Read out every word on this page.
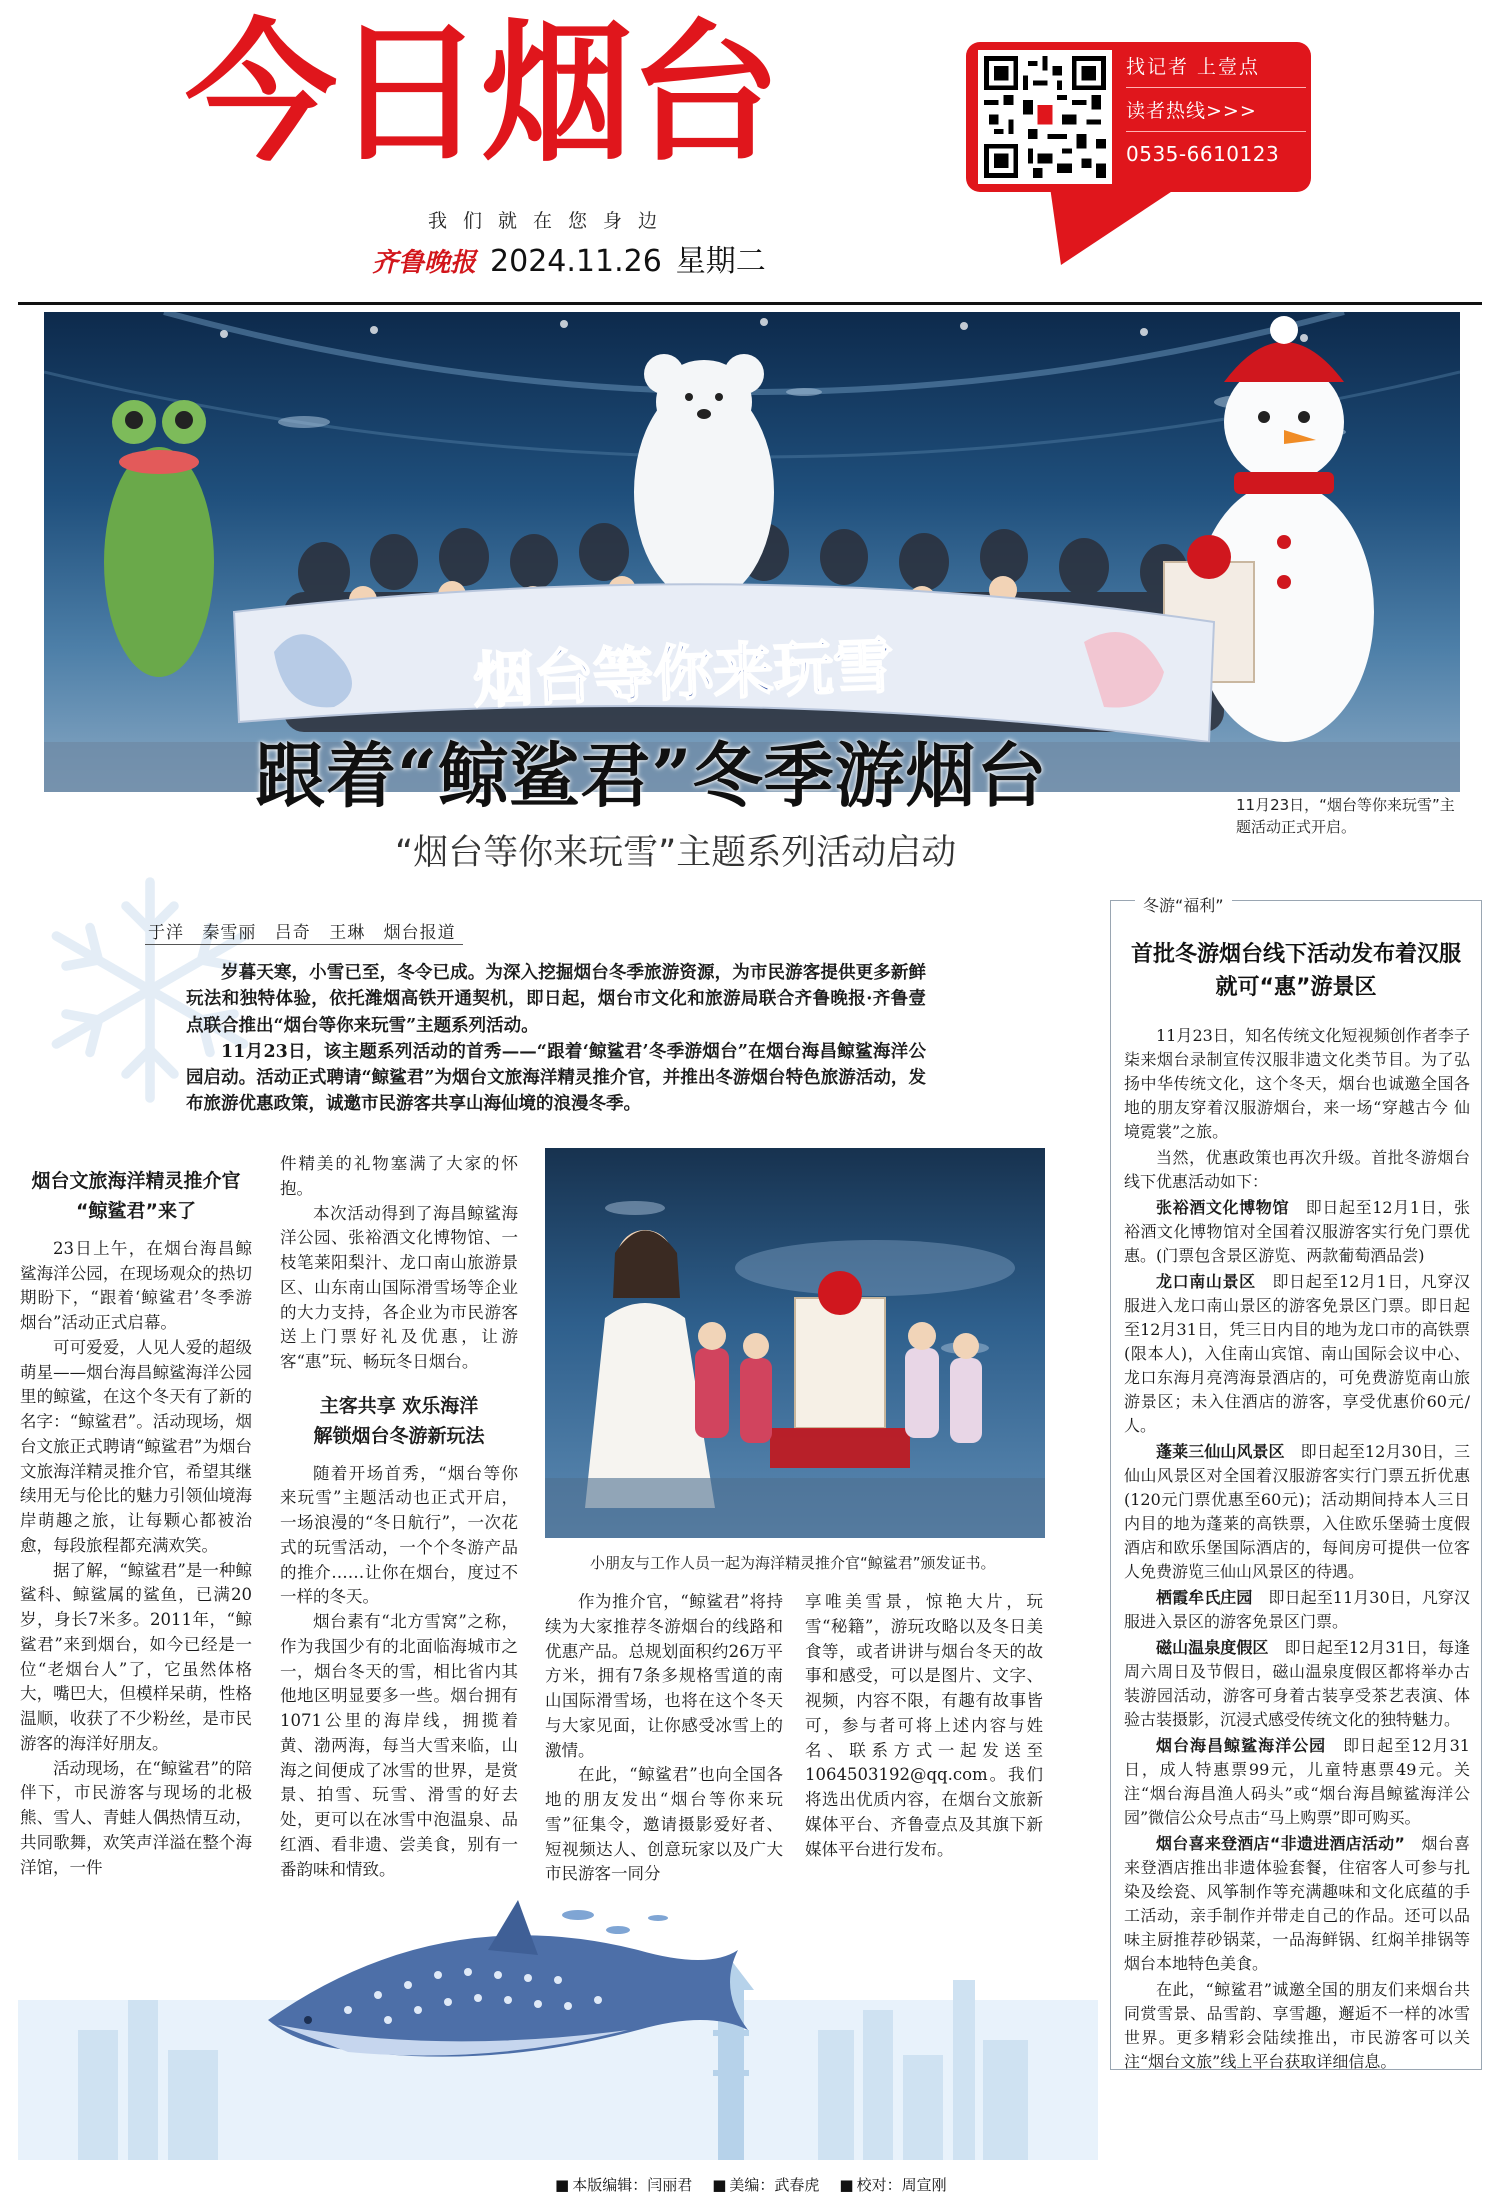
今日烟台
我们就在您身边
齐鲁晚报 2024.11.26 星期二
找记者 上壹点
读者热线>>>
0535-6610123
烟台等你来玩雪
跟着“鲸鲨君”冬季游烟台
“烟台等你来玩雪”主题系列活动启动
11月23日，“烟台等你来玩雪”主题活动正式开启。
于洋 秦雪丽 吕奇 王琳 烟台报道

岁暮天寒，小雪已至，冬令已成。为深入挖掘烟台冬季旅游资源，为市民游客提供更多新鲜玩法和独特体验，依托潍烟高铁开通契机，即日起，烟台市文化和旅游局联合齐鲁晚报·齐鲁壹点联合推出“烟台等你来玩雪”主题系列活动。

11月23日，该主题系列活动的首秀——“跟着‘鲸鲨君’冬季游烟台”在烟台海昌鲸鲨海洋公园启动。活动正式聘请“鲸鲨君”为烟台文旅海洋精灵推介官，并推出冬游烟台特色旅游活动，发布旅游优惠政策，诚邀市民游客共享山海仙境的浪漫冬季。

烟台文旅海洋精灵推介官
“鲸鲨君”来了

23日上午，在烟台海昌鲸鲨海洋公园，在现场观众的热切期盼下，“跟着‘鲸鲨君’冬季游烟台”活动正式启幕。

可可爱爱，人见人爱的超级萌星——烟台海昌鲸鲨海洋公园里的鲸鲨，在这个冬天有了新的名字：“鲸鲨君”。活动现场，烟台文旅正式聘请“鲸鲨君”为烟台文旅海洋精灵推介官，希望其继续用无与伦比的魅力引领仙境海岸萌趣之旅，让每颗心都被治愈，每段旅程都充满欢笑。

据了解，“鲸鲨君”是一种鲸鲨科、鲸鲨属的鲨鱼，已满20岁，身长7米多。2011年，“鲸鲨君”来到烟台，如今已经是一位“老烟台人”了，它虽然体格大，嘴巴大，但模样呆萌，性格温顺，收获了不少粉丝，是市民游客的海洋好朋友。

活动现场，在“鲸鲨君”的陪伴下，市民游客与现场的北极熊、雪人、青蛙人偶热情互动，共同歌舞，欢笑声洋溢在整个海洋馆，一件

件精美的礼物塞满了大家的怀抱。

本次活动得到了海昌鲸鲨海洋公园、张裕酒文化博物馆、一枝笔莱阳梨汁、龙口南山旅游景区、山东南山国际滑雪场等企业的大力支持，各企业为市民游客送上门票好礼及优惠，让游客“惠”玩、畅玩冬日烟台。

主客共享 欢乐海洋
解锁烟台冬游新玩法

随着开场首秀，“烟台等你来玩雪”主题活动也正式开启，一场浪漫的“冬日航行”，一次花式的玩雪活动，一个个冬游产品的推介……让你在烟台，度过不一样的冬天。

烟台素有“北方雪窝”之称，作为我国少有的北面临海城市之一，烟台冬天的雪，相比省内其他地区明显要多一些。烟台拥有1071公里的海岸线，拥揽着黄、渤两海，每当大雪来临，山海之间便成了冰雪的世界，是赏景、拍雪、玩雪、滑雪的好去处，更可以在冰雪中泡温泉、品红酒、看非遗、尝美食，别有一番韵味和情致。

小朋友与工作人员一起为海洋精灵推介官“鲸鲨君”颁发证书。

作为推介官，“鲸鲨君”将持续为大家推荐冬游烟台的线路和优惠产品。总规划面积约26万平方米，拥有7条多规格雪道的南山国际滑雪场，也将在这个冬天与大家见面，让你感受冰雪上的激情。

在此，“鲸鲨君”也向全国各地的朋友发出“烟台等你来玩雪”征集令，邀请摄影爱好者、短视频达人、创意玩家以及广大市民游客一同分

享唯美雪景，惊艳大片，玩雪“秘籍”，游玩攻略以及冬日美食等，或者讲讲与烟台冬天的故事和感受，可以是图片、文字、视频，内容不限，有趣有故事皆可，参与者可将上述内容与姓名、联系方式一起发送至1064503192@qq.com。我们将选出优质内容，在烟台文旅新媒体平台、齐鲁壹点及其旗下新媒体平台进行发布。

冬游“福利”
首批冬游烟台线下活动发布着汉服就可“惠”游景区

11月23日，知名传统文化短视频创作者李子柒来烟台录制宣传汉服非遗文化类节目。为了弘扬中华传统文化，这个冬天，烟台也诚邀全国各地的朋友穿着汉服游烟台，来一场“穿越古今 仙境霓裳”之旅。

当然，优惠政策也再次升级。首批冬游烟台线下优惠活动如下：

张裕酒文化博物馆　 即日起至12月1日，张裕酒文化博物馆对全国着汉服游客实行免门票优惠。(门票包含景区游览、两款葡萄酒品尝)

龙口南山景区　 即日起至12月1日，凡穿汉服进入龙口南山景区的游客免景区门票。即日起至12月31日，凭三日内目的地为龙口市的高铁票(限本人)，入住南山宾馆、南山国际会议中心、龙口东海月亮湾海景酒店的，可免费游览南山旅游景区；未入住酒店的游客，享受优惠价60元/人。

蓬莱三仙山风景区　 即日起至12月30日，三仙山风景区对全国着汉服游客实行门票五折优惠(120元门票优惠至60元)；活动期间持本人三日内目的地为蓬莱的高铁票，入住欧乐堡骑士度假酒店和欧乐堡国际酒店的，每间房可提供一位客人免费游览三仙山风景区的待遇。

栖霞牟氏庄园　 即日起至11月30日，凡穿汉服进入景区的游客免景区门票。

磁山温泉度假区　 即日起至12月31日，每逢周六周日及节假日，磁山温泉度假区都将举办古装游园活动，游客可身着古装享受茶艺表演、体验古装摄影，沉浸式感受传统文化的独特魅力。

烟台海昌鲸鲨海洋公园　 即日起至12月31日，成人特惠票99元，儿童特惠票49元。关注“烟台海昌渔人码头”或“烟台海昌鲸鲨海洋公园”微信公众号点击“马上购票”即可购买。

烟台喜来登酒店“非遗进酒店活动”　 烟台喜来登酒店推出非遗体验套餐，住宿客人可参与扎染及绘瓷、风筝制作等充满趣味和文化底蕴的手工活动，亲手制作并带走自己的作品。还可以品味主厨推荐砂锅菜，一品海鲜锅、红焖羊排锅等烟台本地特色美食。

在此，“鲸鲨君”诚邀全国的朋友们来烟台共同赏雪景、品雪韵、享雪趣，邂逅不一样的冰雪世界。更多精彩会陆续推出，市民游客可以关注“烟台文旅”线上平台获取详细信息。

■ 本版编辑：闫丽君	■ 美编：武春虎	■ 校对：周宣刚
